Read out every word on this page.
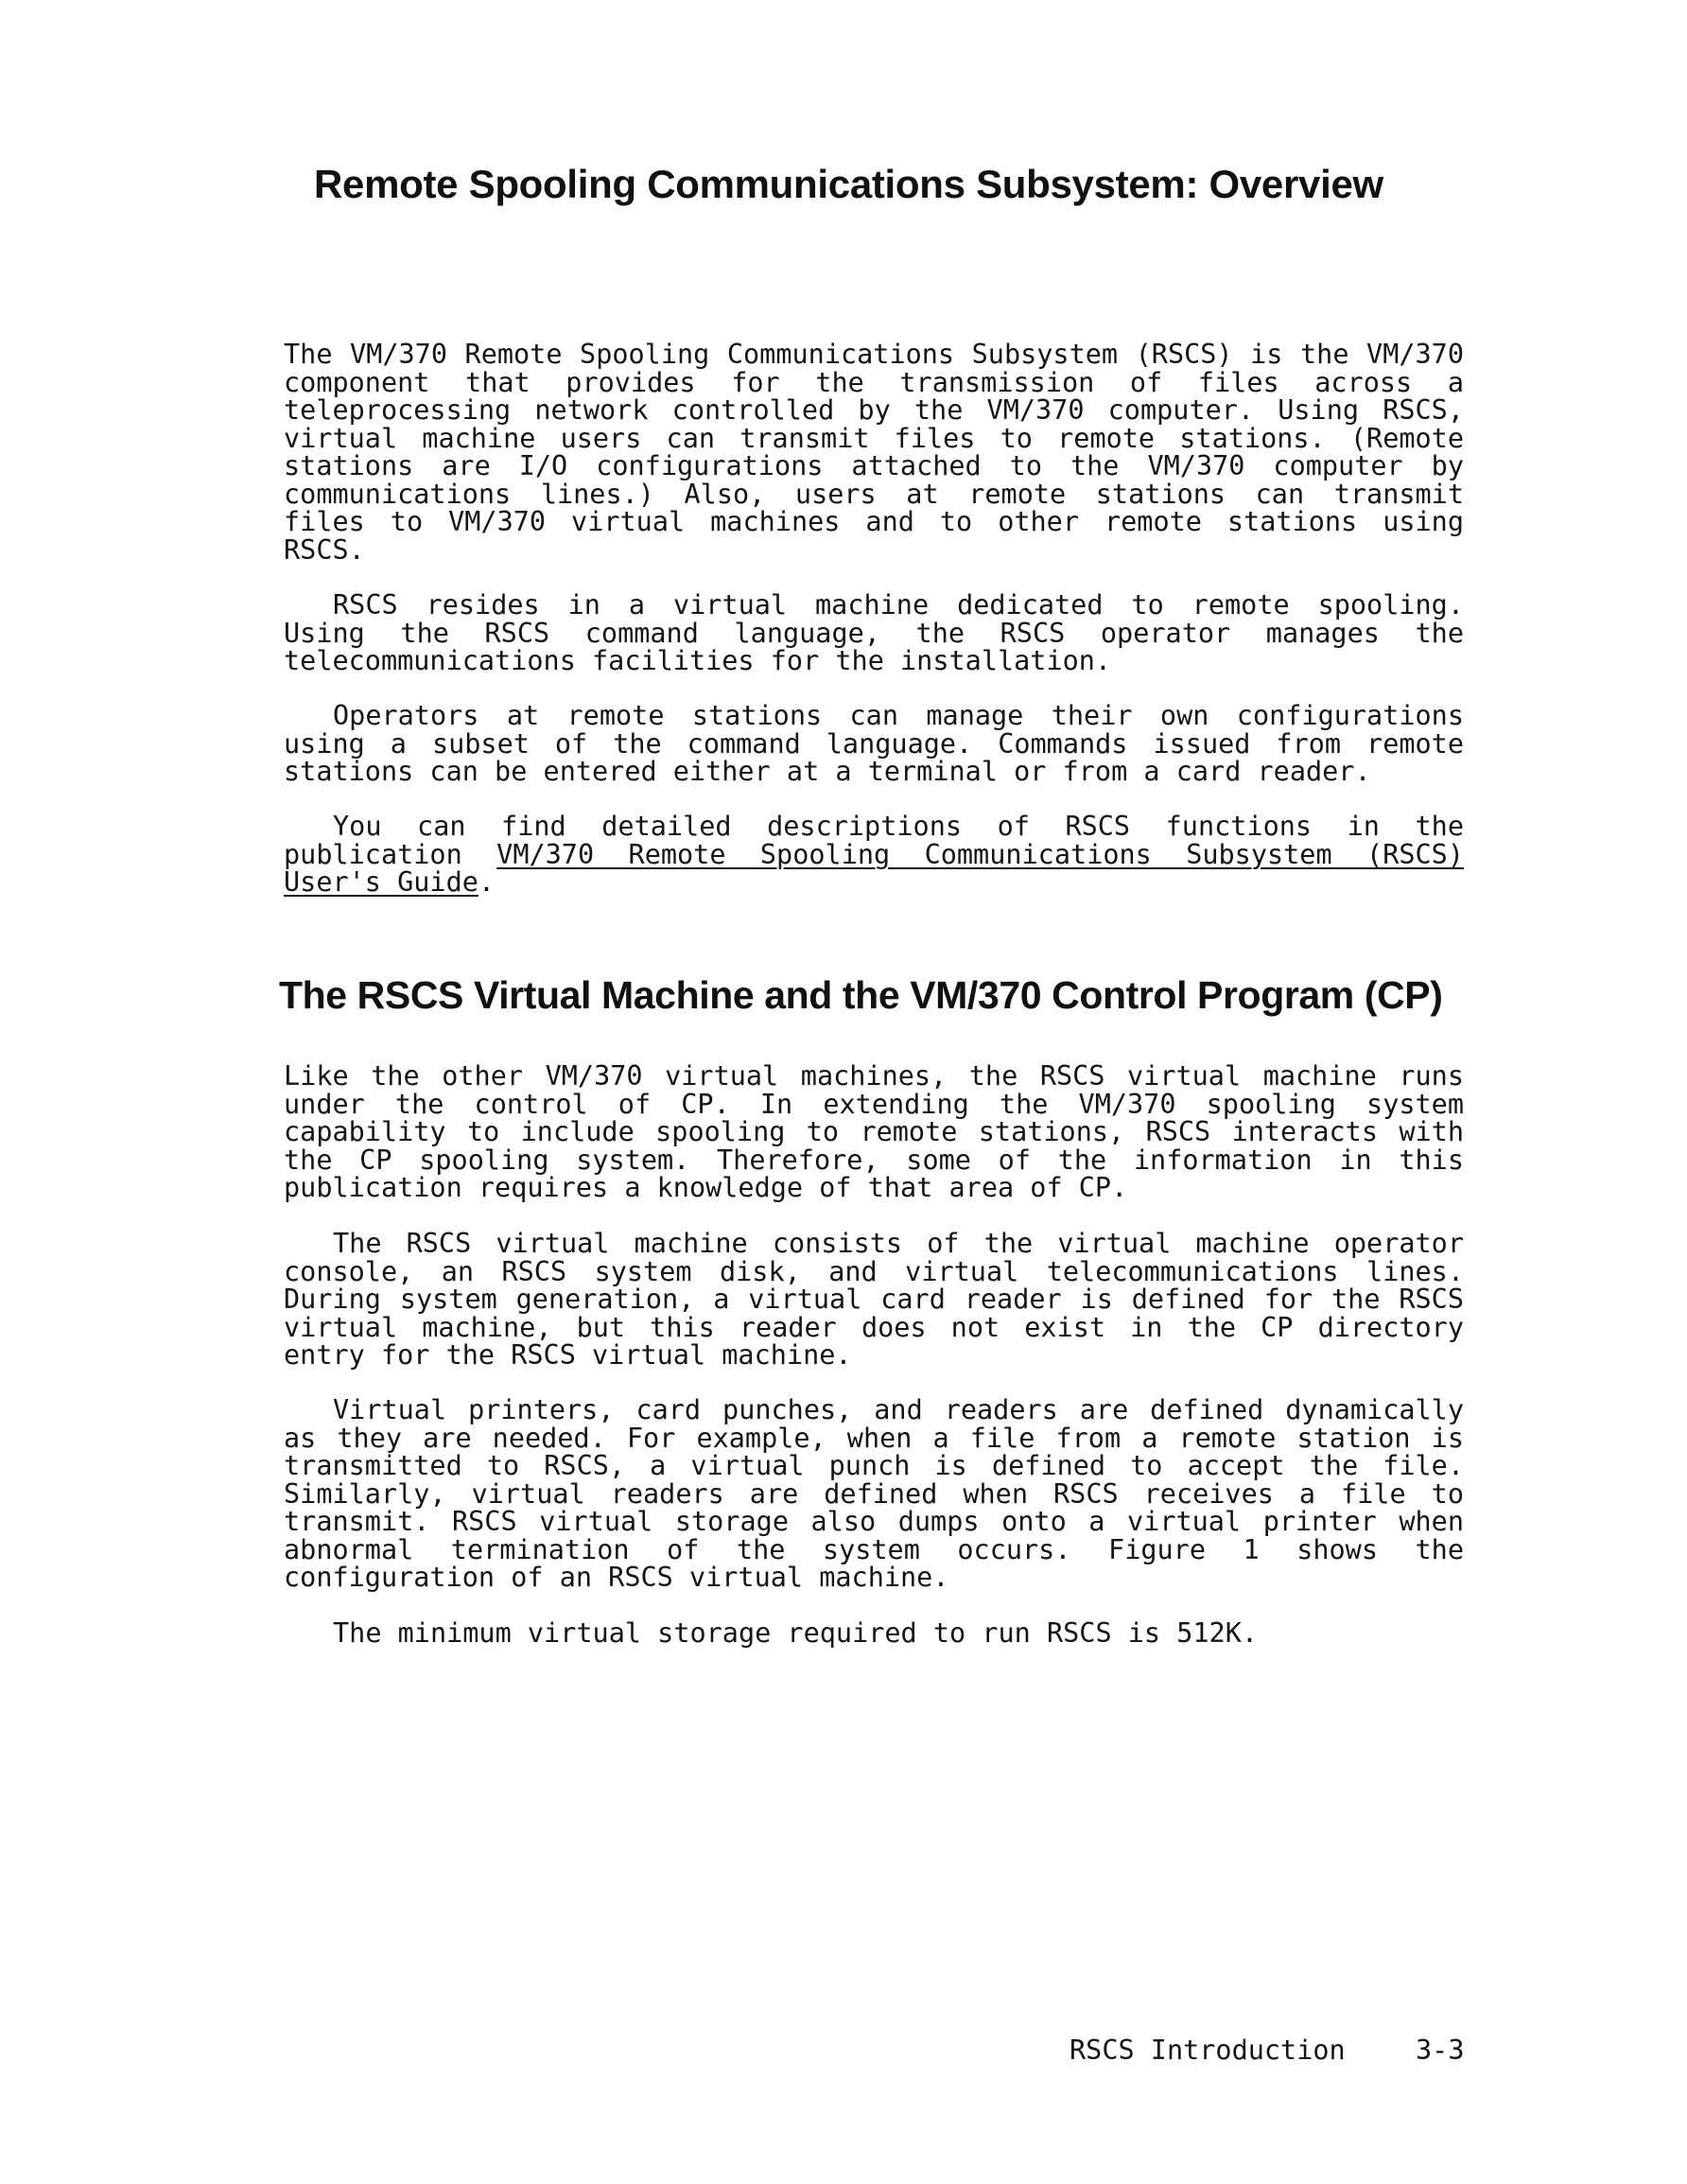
Remote Spooling Communications Subsystem: Overview
The VM/370 Remote Spooling Communications Subsystem (RSCS) is the VM/370
component that provides for the transmission of files across a
teleprocessing network controlled by the VM/370 computer. Using RSCS,
virtual machine users can transmit files to remote stations. (Remote
stations are I/O configurations attached to the VM/370 computer by
communications lines.) Also, users at remote stations can transmit
files to VM/370 virtual machines and to other remote stations using
RSCS.
RSCS resides in a virtual machine dedicated to remote spooling.
Using the RSCS command language, the RSCS operator manages the
telecommunications facilities for the installation.
Operators at remote stations can manage their own configurations
using a subset of the command language. Commands issued from remote
stations can be entered either at a terminal or from a card reader.
You can find detailed descriptions of RSCS functions in the
publication VM/370 Remote Spooling Communications Subsystem (RSCS)
User's Guide.
The RSCS Virtual Machine and the VM/370 Control Program (CP)
Like the other VM/370 virtual machines, the RSCS virtual machine runs
under the control of CP. In extending the VM/370 spooling system
capability to include spooling to remote stations, RSCS interacts with
the CP spooling system. Therefore, some of the information in this
publication requires a knowledge of that area of CP.
The RSCS virtual machine consists of the virtual machine operator
console, an RSCS system disk, and virtual telecommunications lines.
During system generation, a virtual card reader is defined for the RSCS
virtual machine, but this reader does not exist in the CP directory
entry for the RSCS virtual machine.
Virtual printers, card punches, and readers are defined dynamically
as they are needed. For example, when a file from a remote station is
transmitted to RSCS, a virtual punch is defined to accept the file.
Similarly, virtual readers are defined when RSCS receives a file to
transmit. RSCS virtual storage also dumps onto a virtual printer when
abnormal termination of the system occurs. Figure 1 shows the
configuration of an RSCS virtual machine.
The minimum virtual storage required to run RSCS is 512K.
RSCS Introduction	3-3
